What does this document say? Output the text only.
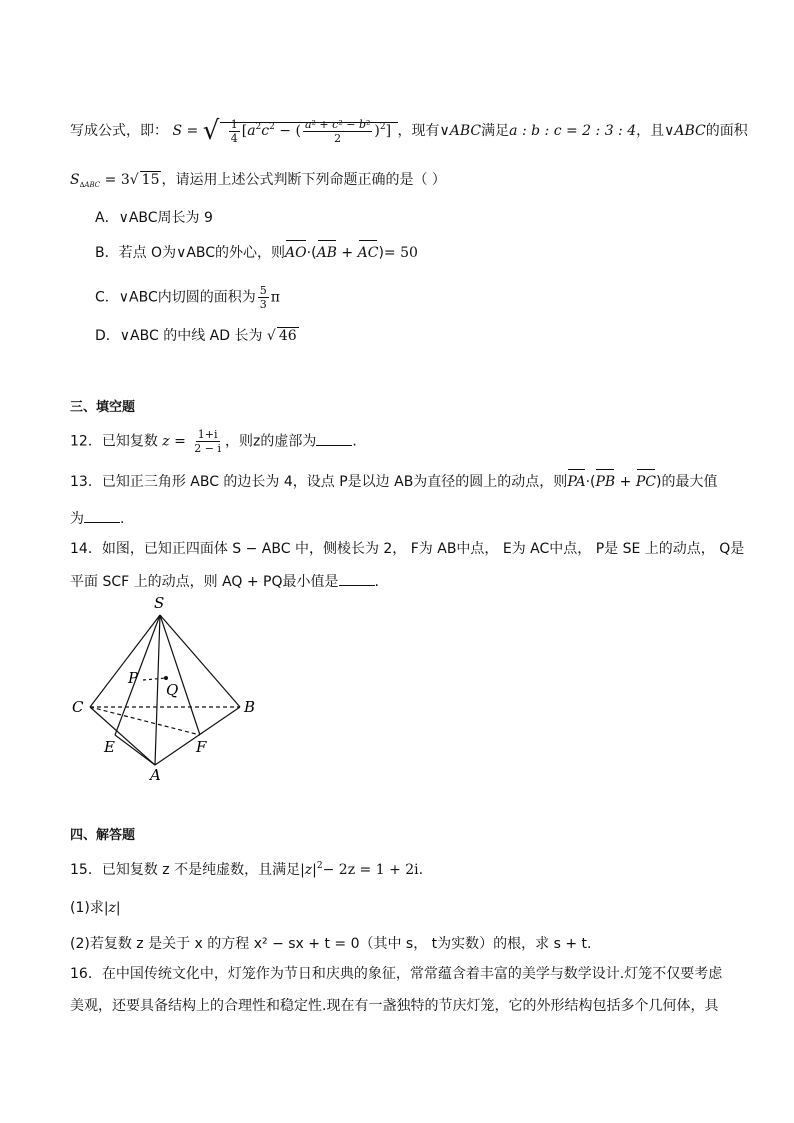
写成公式，即： S = √ $\frac{1}{4} [a^2c^2$ − ( $\frac{\text{a² + c² − b²}}{2} )^2$] ，现有∨ABC满足a : b : c = 2 : 3 : 4，且∨ABC的面积
$S_{\Delta ABC} = 3√$ 15 ，请运用上述公式判断下列命题正确的是（ ）
A．∨ABC周长为 9
B．若点 O为∨ABC的外心，则AO·(AB + AC)= 50
C．∨ABC内切圆的面积为 $\frac{5}{3}$ π
D．∨ABC 的中线 AD 长为 √ 46
三、填空题
12．已知复数 $z = \frac{1+i}{2 - i}$ ，则z的虚部为	.
13．已知正三角形 ABC 的边长为 4，设点 P是以边 AB为直径的圆上的动点，则PA·(PB + PC)的最大值
为	.
14．如图，已知正四面体 S − ABC 中，侧棱长为 2， F为 AB中点， E为 AC中点， P是 SE 上的动点， Q是
平面 SCF 上的动点，则 AQ + PQ最小值是	.
S
P
Q
C	B
E	F
A
四、解答题
15．已知复数 z 不是纯虚数，且满足$|z|^2- 2z = 1 + 2i$.
(1)求|z|
(2)若复数 z 是关于 x 的方程 x² − sx + t = 0（其中 s， t为实数）的根，求 s + t.
16．在中国传统文化中，灯笼作为节日和庆典的象征，常常蕴含着丰富的美学与数学设计.灯笼不仅要考虑
美观，还要具备结构上的合理性和稳定性.现在有一盏独特的节庆灯笼，它的外形结构包括多个几何体，具
